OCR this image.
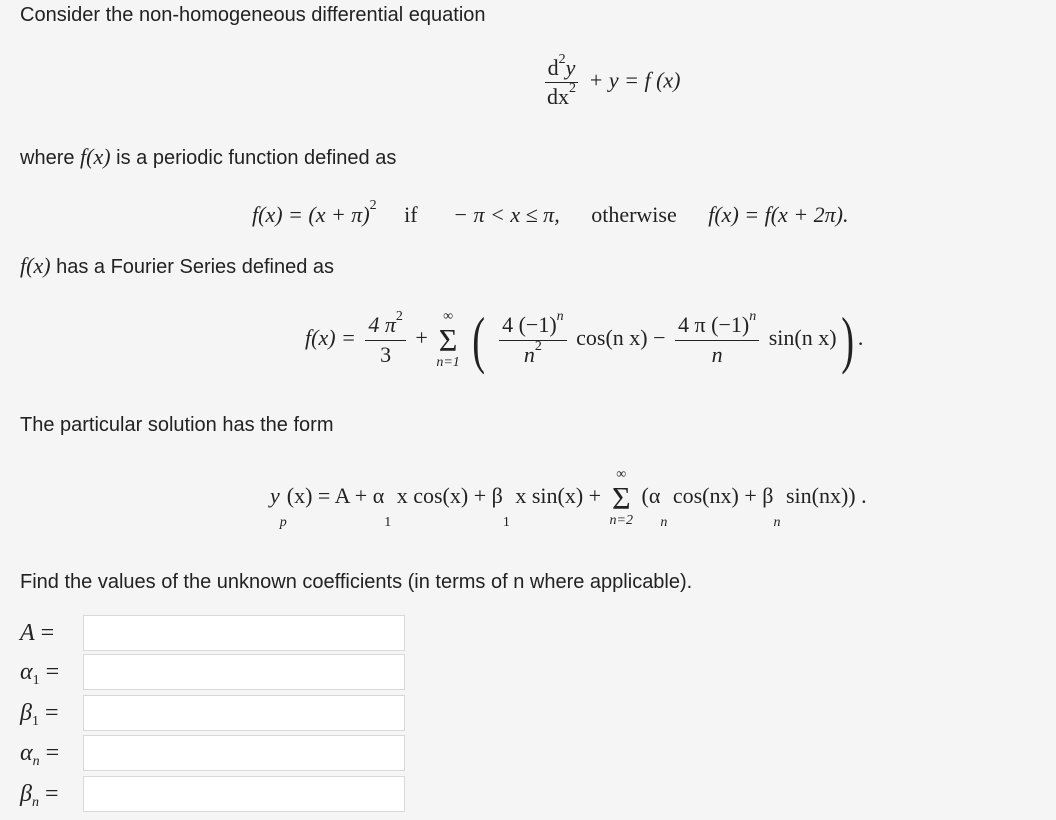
Consider the non-homogeneous differential equation
$\frac{d^2y}{dx^2} + y = f$ (x)
where f(x) is a periodic function defined as
$f(x) = (x + \pi)^2$ if − π < x ≤ π, otherwise f(x) = f(x + 2π).
f(x) has a Fourier Series defined as
$f(x) = \frac{4 \pi^2}{3}$ +
∞
Σ
n=1 ( $\frac{4 (-1)^n}{n^2} \cos(n$ $x) - \frac{4 \pi (-1)^n}{n} \sin(n$ x)) .
The particular solution has the form
$y_p(x) = A + \alpha_1$ x $\cos(x) + \beta_1$ x sin(x) +
∞
Σ
n=2
($\alpha_n$ $\cos(nx) + \beta_n$ sin(nx)) .
Find the values of the unknown coefficients (in terms of n where applicable).
A =
$\alpha_1$ =
$\beta_1$ =
$\alpha_n$ =
$\beta_n$ =
